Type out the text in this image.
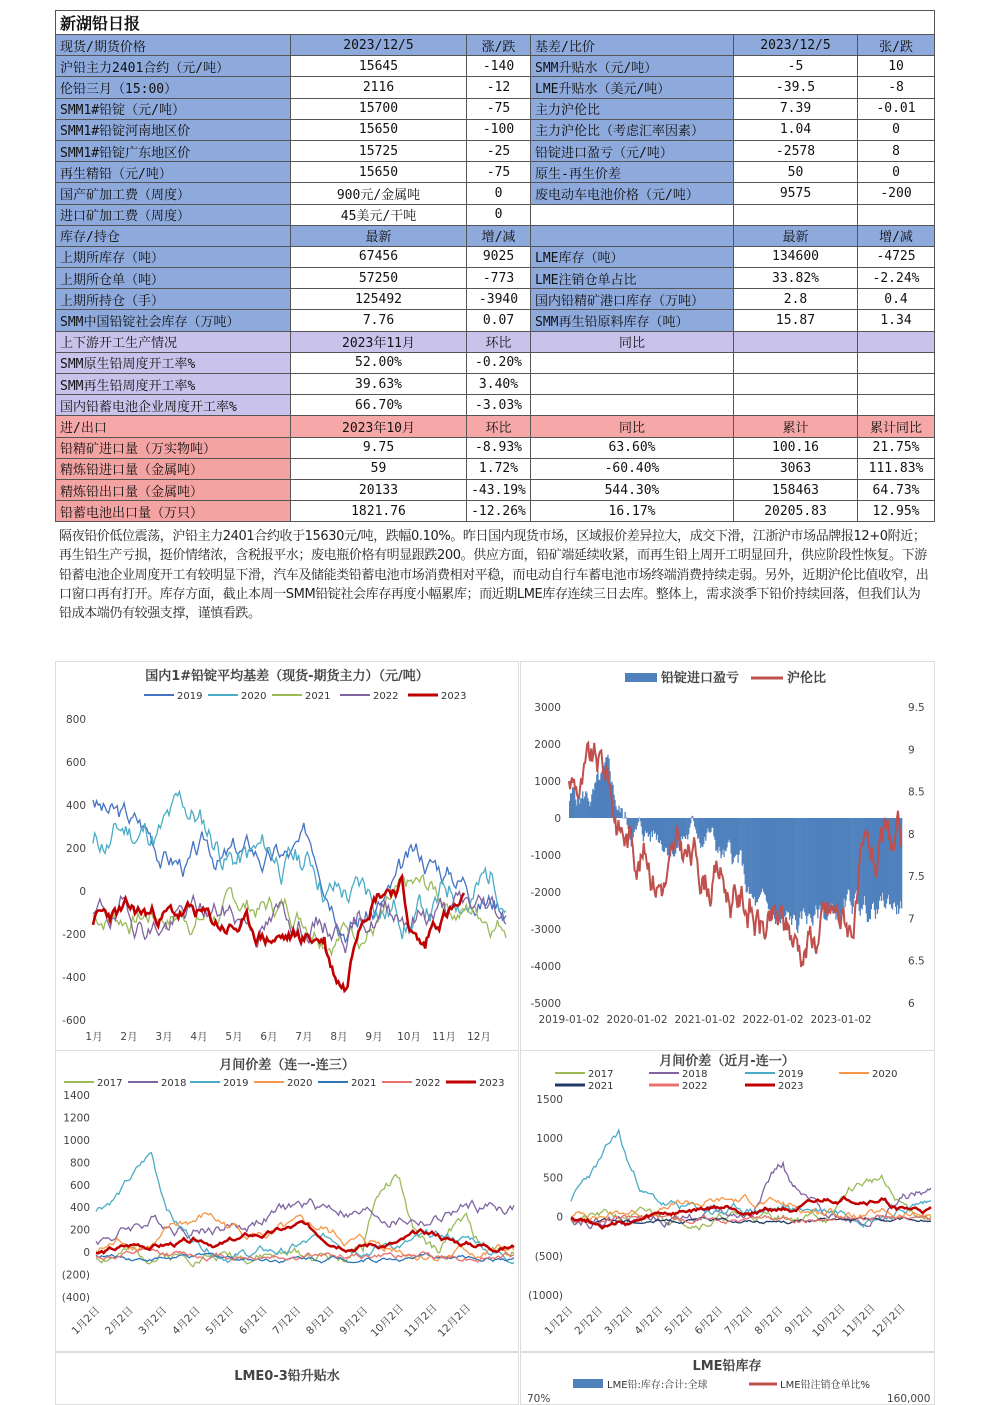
新湖铅日报					
现货/期货价格	2023/12/5	涨/跌	基差/比价	2023/12/5	张/跌
沪铅主力2401合约（元/吨）	15645	-140	SMM升贴水（元/吨）	-5	10
伦铅三月（15:00）	2116	-12	LME升贴水（美元/吨）	-39.5	-8
SMM1#铅锭（元/吨）	15700	-75	主力沪伦比	7.39	-0.01
SMM1#铅锭河南地区价	15650	-100	主力沪伦比（考虑汇率因素）	1.04	0
SMM1#铅锭广东地区价	15725	-25	铅锭进口盈亏（元/吨）	-2578	8
再生精铅（元/吨）	15650	-75	原生-再生价差	50	0
国产矿加工费（周度）	900元/金属吨	0	废电动车电池价格（元/吨）	9575	-200
进口矿加工费（周度）	45美元/干吨	0			
库存/持仓	最新	增/减		最新	增/减
上期所库存（吨）	67456	9025	LME库存（吨）	134600	-4725
上期所仓单（吨）	57250	-773	LME注销仓单占比	33.82%	-2.24%
上期所持仓（手）	125492	-3940	国内铅精矿港口库存（万吨）	2.8	0.4
SMM中国铅锭社会库存（万吨）	7.76	0.07	SMM再生铅原料库存（吨）	15.87	1.34
上下游开工生产情况	2023年11月	环比	同比		
SMM原生铅周度开工率%	52.00%	-0.20%			
SMM再生铅周度开工率%	39.63%	3.40%			
国内铅蓄电池企业周度开工率%	66.70%	-3.03%			
进/出口	2023年10月	环比	同比	累计	累计同比
铅精矿进口量（万实物吨）	9.75	-8.93%	63.60%	100.16	21.75%
精炼铅进口量（金属吨）	59	1.72%	-60.40%	3063	111.83%
精炼铅出口量（金属吨）	20133	-43.19%	544.30%	158463	64.73%
铅蓄电池出口量（万只）	1821.76	-12.26%	16.17%	20205.83	12.95%
隔夜铅价低位震荡，沪铅主力2401合约收于15630元/吨，跌幅0.10%。昨日国内现货市场，区域报价差异拉大，成交下滑，江浙沪市场品牌报12+0附近；再生铅生产亏损，挺价情绪浓，含税报平水；废电瓶价格有明显跟跌200。供应方面，铅矿端延续收紧，而再生铅上周开工明显回升，供应阶段性恢复。下游铅蓄电池企业周度开工有较明显下滑，汽车及储能类铅蓄电池市场消费相对平稳，而电动自行车蓄电池市场终端消费持续走弱。另外，近期沪伦比值收窄，出口窗口再有打开。库存方面，截止本周一SMM铅锭社会库存再度小幅累库；而近期LME库存连续三日去库。整体上，需求淡季下铅价持续回落，但我们认为铅成本端仍有较强支撑，谨慎看跌。
国内1#铅锭平均基差（现货-期货主力）（元/吨）
2019	2020	2021	2022	2023
800
600
400
200
0
-200
-400
-600
1月 2月 3月 4月 5月 6月 7月 8月 9月 10月 11月 12月
铅锭进口盈亏	沪伦比
3000
2000
1000
0
-1000
-2000
-3000
-4000
-5000
9.5
9
8.5
8
7.5
7
6.5
6
2019-01-02 2020-01-02 2021-01-02 2022-01-02 2023-01-02
月间价差（连一-连三）
2017	2018	2019	2020	2021	2022	2023
1400
1200
1000
800
600
400
200
0
(200)
(400)
1月2日 2月2日 3月2日 4月2日 5月2日 6月2日 7月2日 8月2日 9月2日
10月2日
11月2日
12月2日
月间价差（近月-连一）
2017	2018	2019	2020
2021	2022	2023
1500
1000
500
0
(500)
(1000)
1月2日
2月2日
3月2日
4月2日
5月2日
6月2日
7月2日
8月2日
9月2日
10月2日
11月2日
12月2日
LME0-3铅升贴水
LME铅库存
LME铅:库存:合计:全球	LME铅注销仓单比%
70%	160,000
